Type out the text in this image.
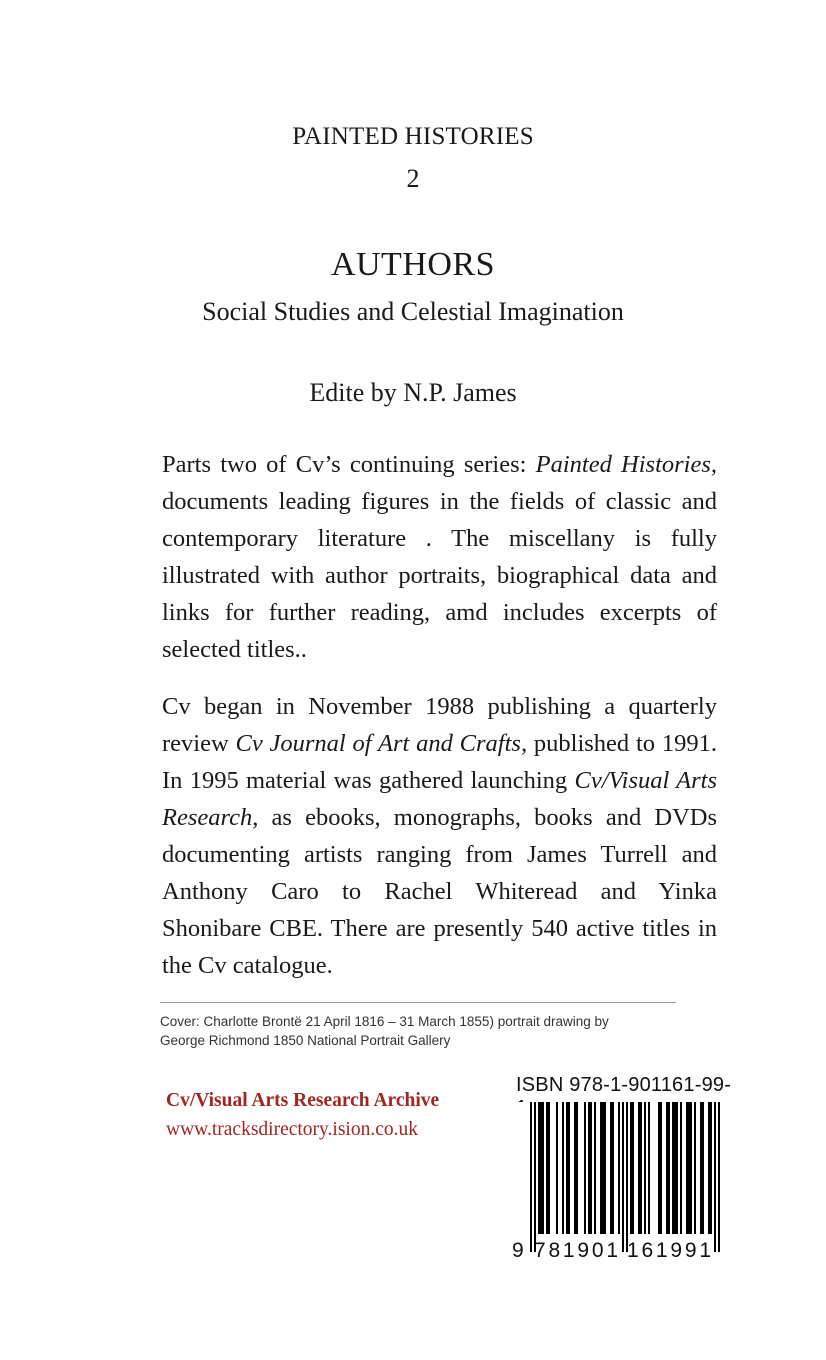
PAINTED HISTORIES
2
AUTHORS
Social Studies and Celestial Imagination
Edite by N.P. James

Parts two of Cv’s continuing series: Painted Histories, documents leading figures in the fields of classic and contemporary literature . The miscellany is fully illustrated with author portraits, biographical data and links for further reading, amd includes excerpts of selected titles..

Cv began in November 1988 publishing a quarterly review Cv Journal of Art and Crafts, published to 1991. In 1995 material was gathered launching Cv/Visual Arts Research, as ebooks, monographs, books and DVDs documenting artists ranging from James Turrell and Anthony Caro to Rachel Whiteread and Yinka Shonibare CBE. There are presently 540 active titles in the Cv catalogue.

Cover: Charlotte Brontë 21 April 1816 – 31 March 1855) portrait drawing by
George Richmond 1850 National Portrait Gallery
Cv/Visual Arts Research Archive
www.tracksdirectory.ision.co.uk
ISBN 978-1-901161-99-
9 781901 161991
